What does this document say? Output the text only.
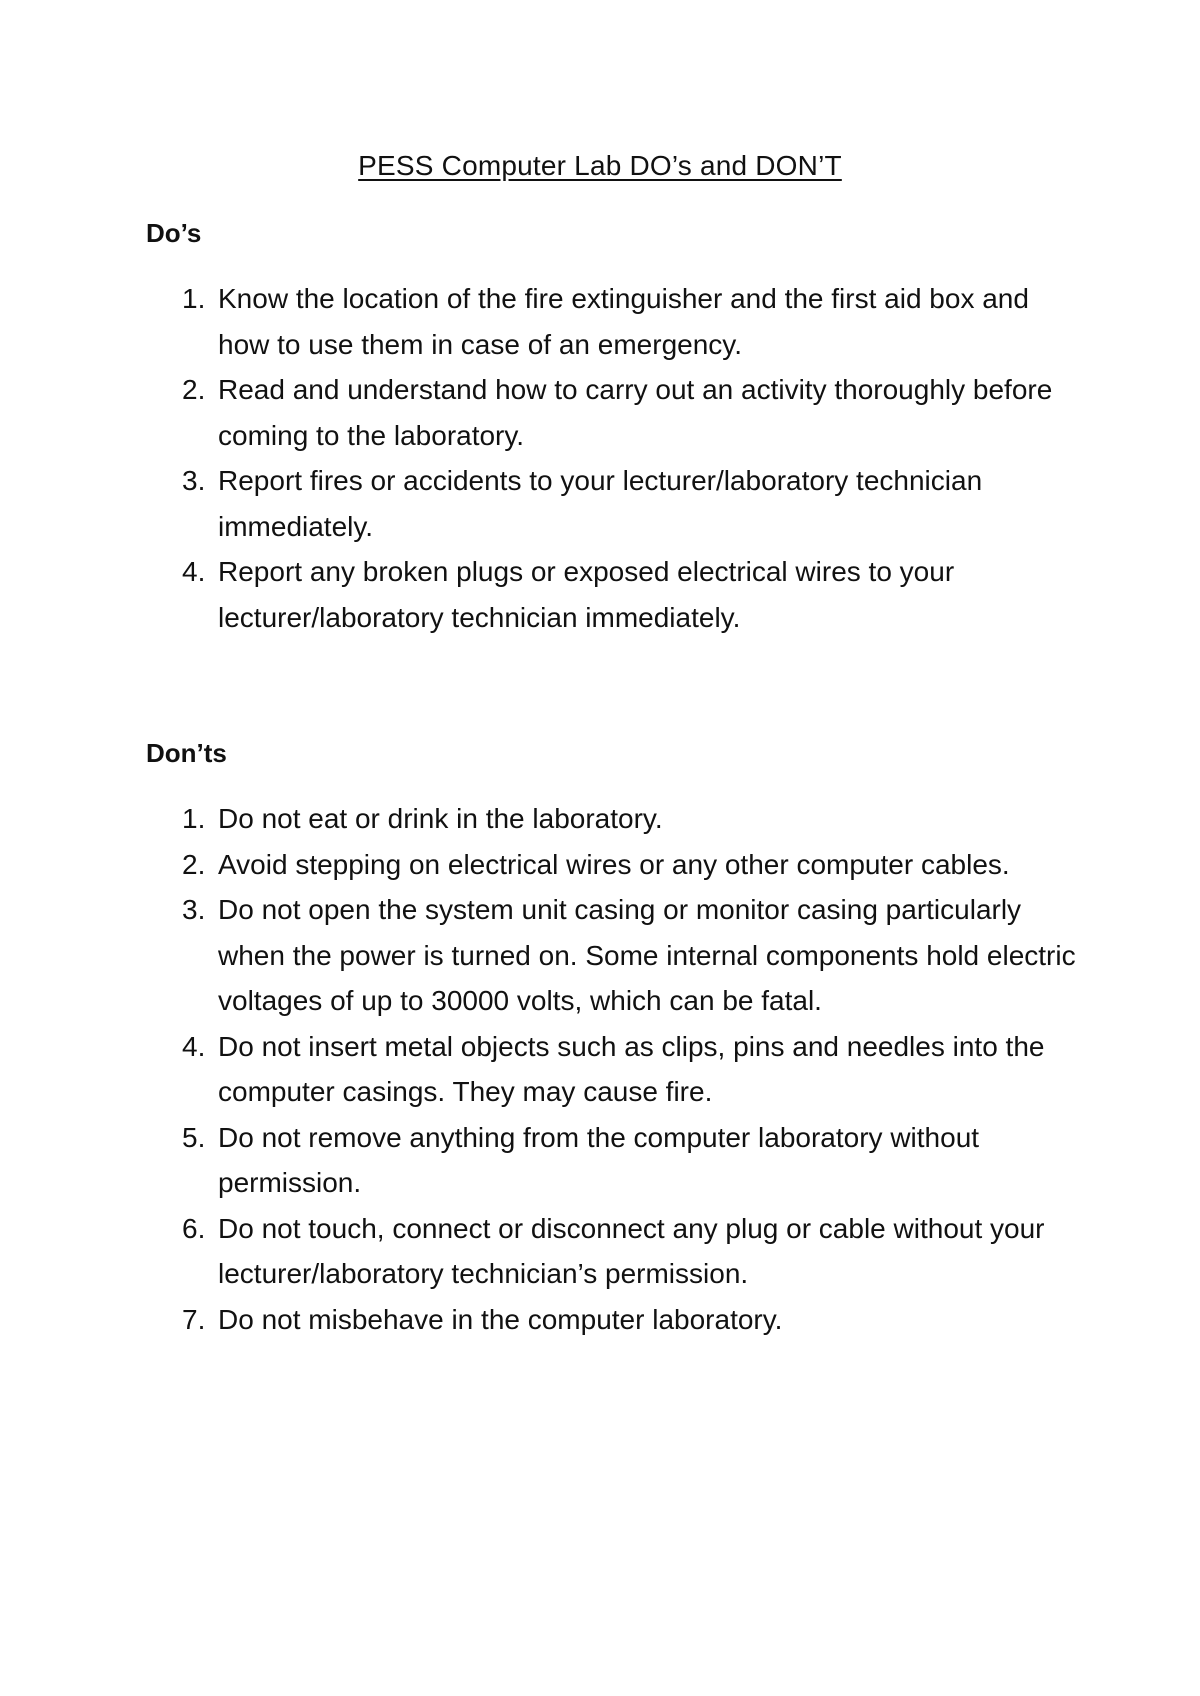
PESS Computer Lab DO’s and DON’T
Do’s
1. Know the location of the fire extinguisher and the first aid box and how to use them in case of an emergency.
2. Read and understand how to carry out an activity thoroughly before coming to the laboratory.
3. Report fires or accidents to your lecturer/laboratory technician immediately.
4. Report any broken plugs or exposed electrical wires to your lecturer/laboratory technician immediately.
Don’ts
1. Do not eat or drink in the laboratory.
2. Avoid stepping on electrical wires or any other computer cables.
3. Do not open the system unit casing or monitor casing particularly when the power is turned on. Some internal components hold electric voltages of up to 30000 volts, which can be fatal.
4. Do not insert metal objects such as clips, pins and needles into the computer casings. They may cause fire.
5. Do not remove anything from the computer laboratory without permission.
6. Do not touch, connect or disconnect any plug or cable without your lecturer/laboratory technician’s permission.
7. Do not misbehave in the computer laboratory.
